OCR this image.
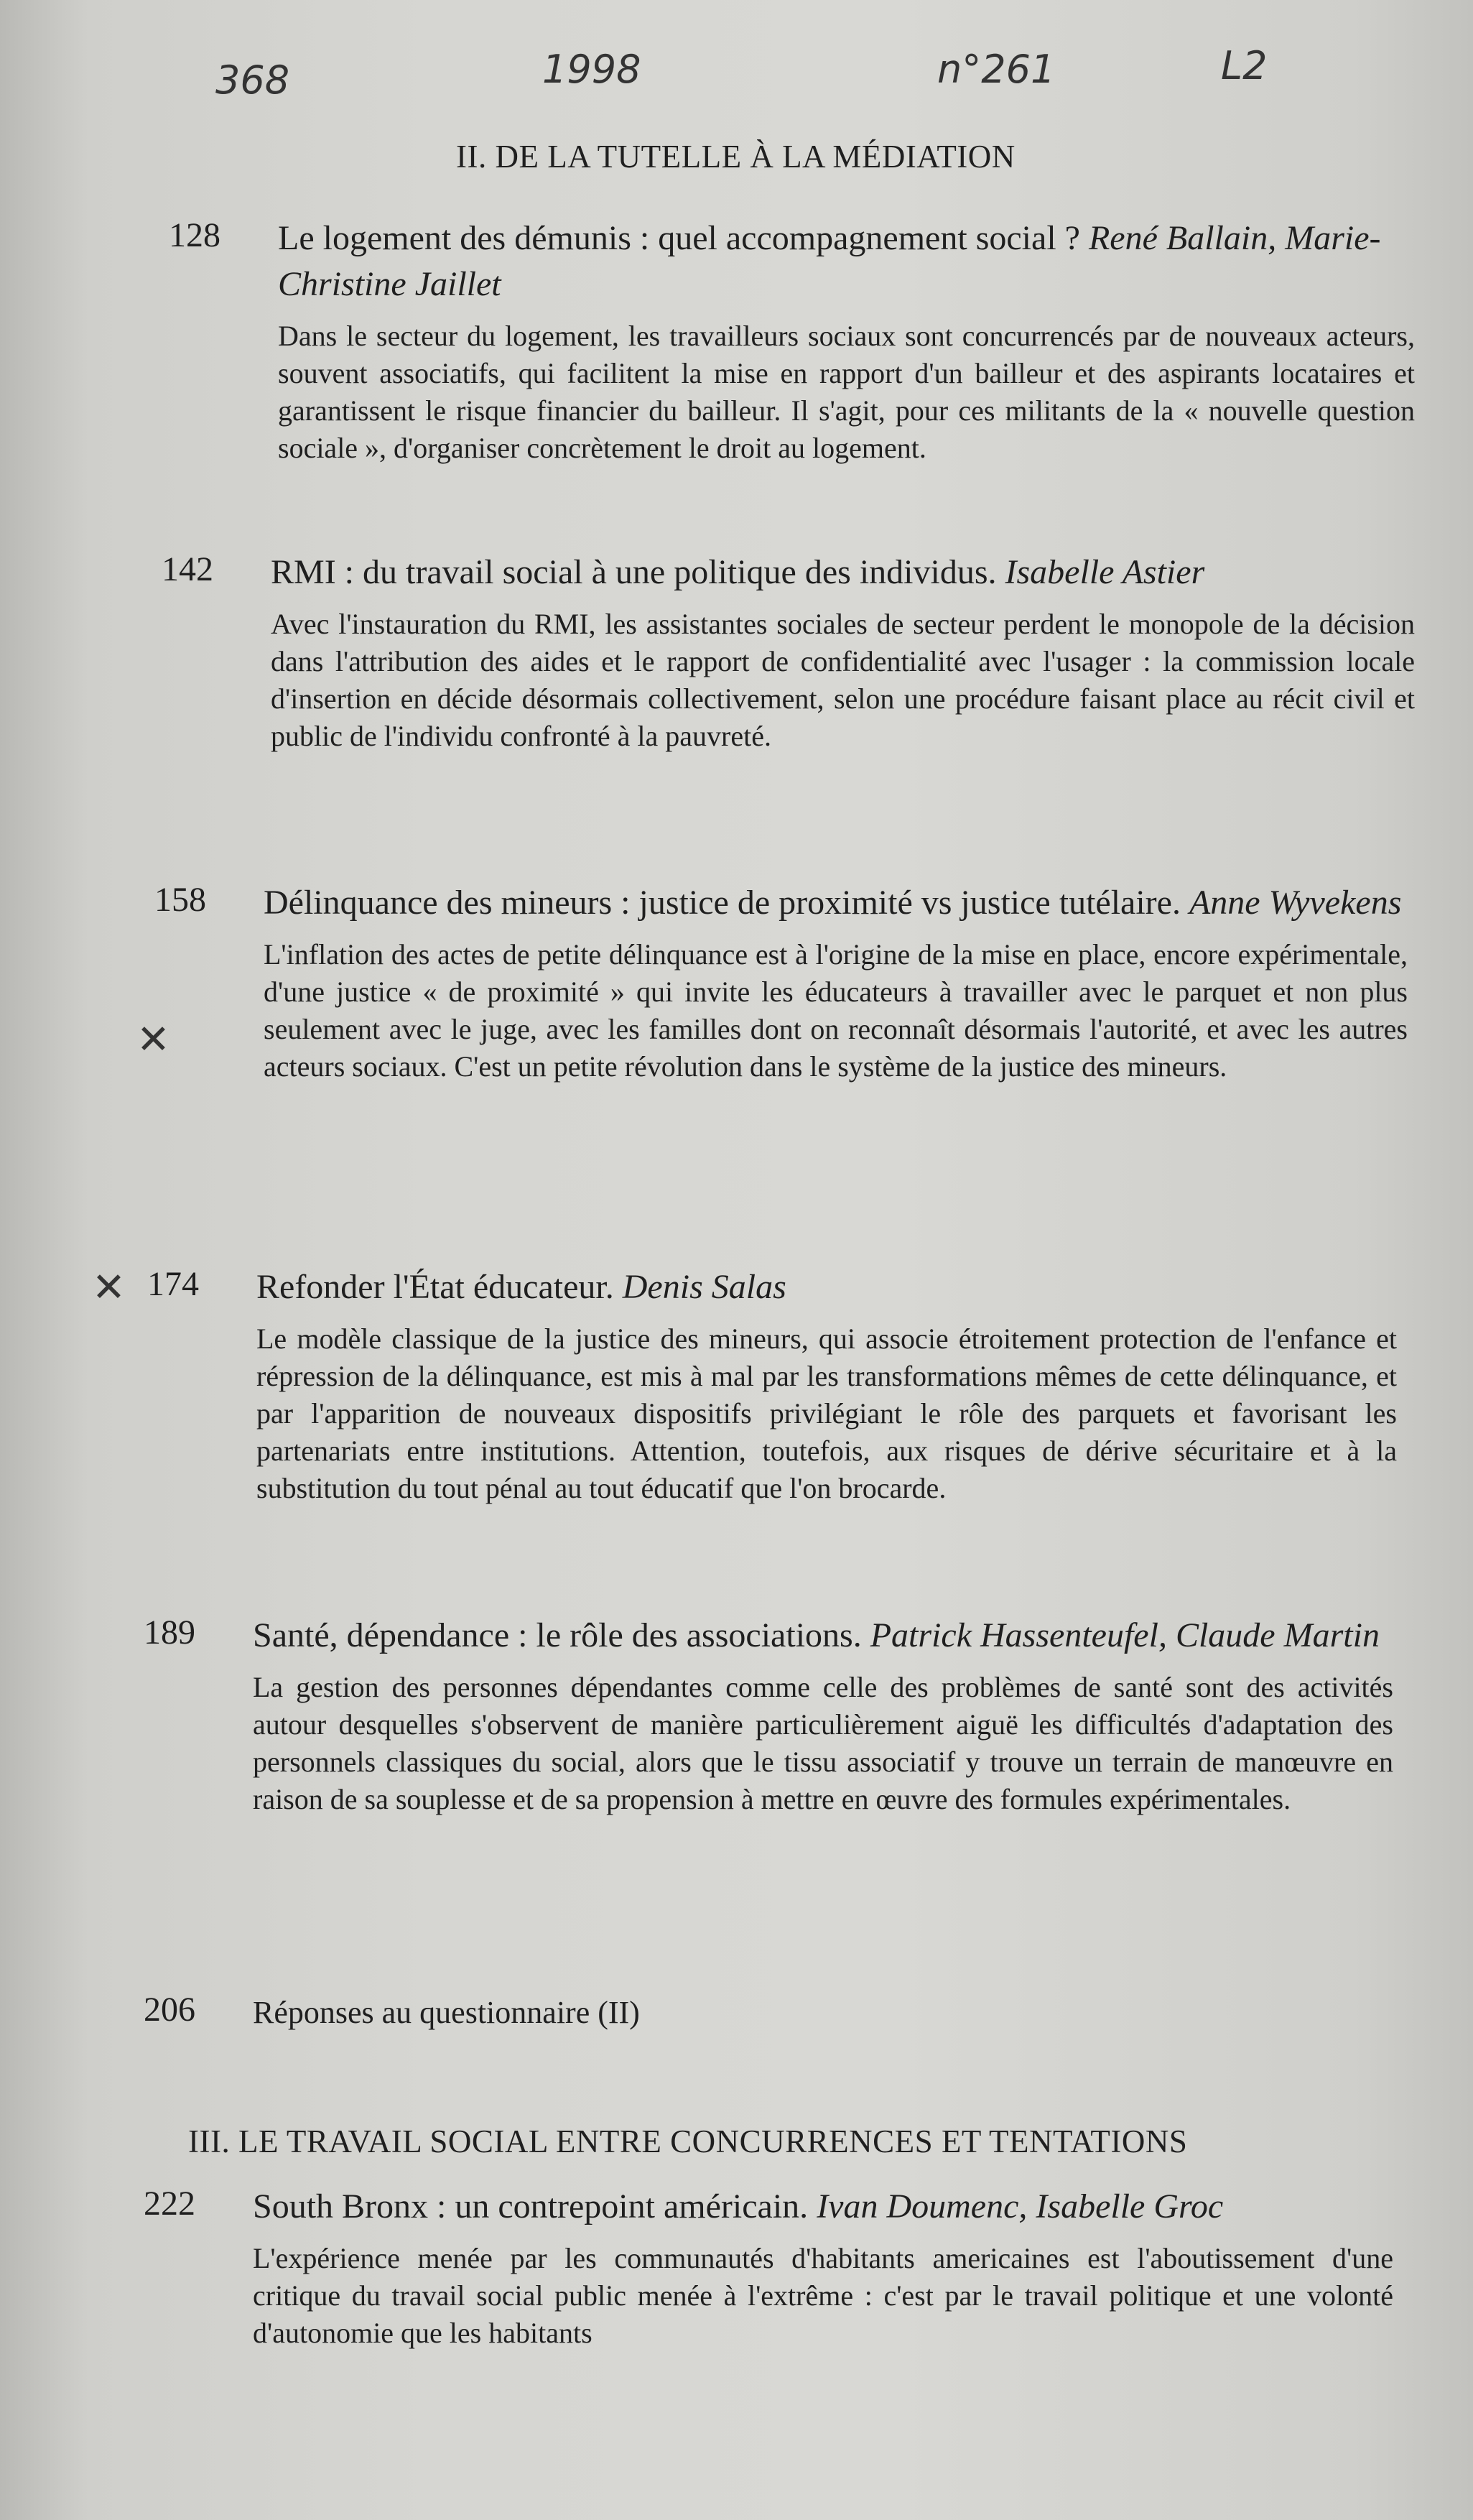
368	1998	n°261	L2
✕
✕
II. DE LA TUTELLE À LA MÉDIATION
128 Le logement des démunis : quel accompagnement social ? René Ballain, Marie-Christine Jaillet
Dans le secteur du logement, les travailleurs sociaux sont concurrencés par de nouveaux acteurs, souvent associatifs, qui facilitent la mise en rapport d'un bailleur et des aspirants locataires et garantissent le risque financier du bailleur. Il s'agit, pour ces militants de la « nouvelle question sociale », d'organiser concrètement le droit au logement.
142 RMI : du travail social à une politique des individus. Isabelle Astier
Avec l'instauration du RMI, les assistantes sociales de secteur perdent le monopole de la décision dans l'attribution des aides et le rapport de confidentialité avec l'usager : la commission locale d'insertion en décide désormais collectivement, selon une procédure faisant place au récit civil et public de l'individu confronté à la pauvreté.
158 Délinquance des mineurs : justice de proximité vs justice tutélaire. Anne Wyvekens
L'inflation des actes de petite délinquance est à l'origine de la mise en place, encore expérimentale, d'une justice « de proximité » qui invite les éducateurs à travailler avec le parquet et non plus seulement avec le juge, avec les familles dont on reconnaît désormais l'autorité, et avec les autres acteurs sociaux. C'est un petite révolution dans le système de la justice des mineurs.
174 Refonder l'État éducateur. Denis Salas
Le modèle classique de la justice des mineurs, qui associe étroitement protection de l'enfance et répression de la délinquance, est mis à mal par les transformations mêmes de cette délinquance, et par l'apparition de nouveaux dispositifs privilégiant le rôle des parquets et favorisant les partenariats entre institutions. Attention, toutefois, aux risques de dérive sécuritaire et à la substitution du tout pénal au tout éducatif que l'on brocarde.
189 Santé, dépendance : le rôle des associations. Patrick Hassenteufel, Claude Martin
La gestion des personnes dépendantes comme celle des problèmes de santé sont des activités autour desquelles s'observent de manière particulièrement aiguë les difficultés d'adaptation des personnels classiques du social, alors que le tissu associatif y trouve un terrain de manœuvre en raison de sa souplesse et de sa propension à mettre en œuvre des formules expérimentales.
206 Réponses au questionnaire (II)
III. LE TRAVAIL SOCIAL ENTRE CONCURRENCES ET TENTATIONS
222 South Bronx : un contrepoint américain. Ivan Doumenc, Isabelle Groc
L'expérience menée par les communautés d'habitants americaines est l'aboutissement d'une critique du travail social public menée à l'extrême : c'est par le travail politique et une volonté d'autonomie que les habitants
